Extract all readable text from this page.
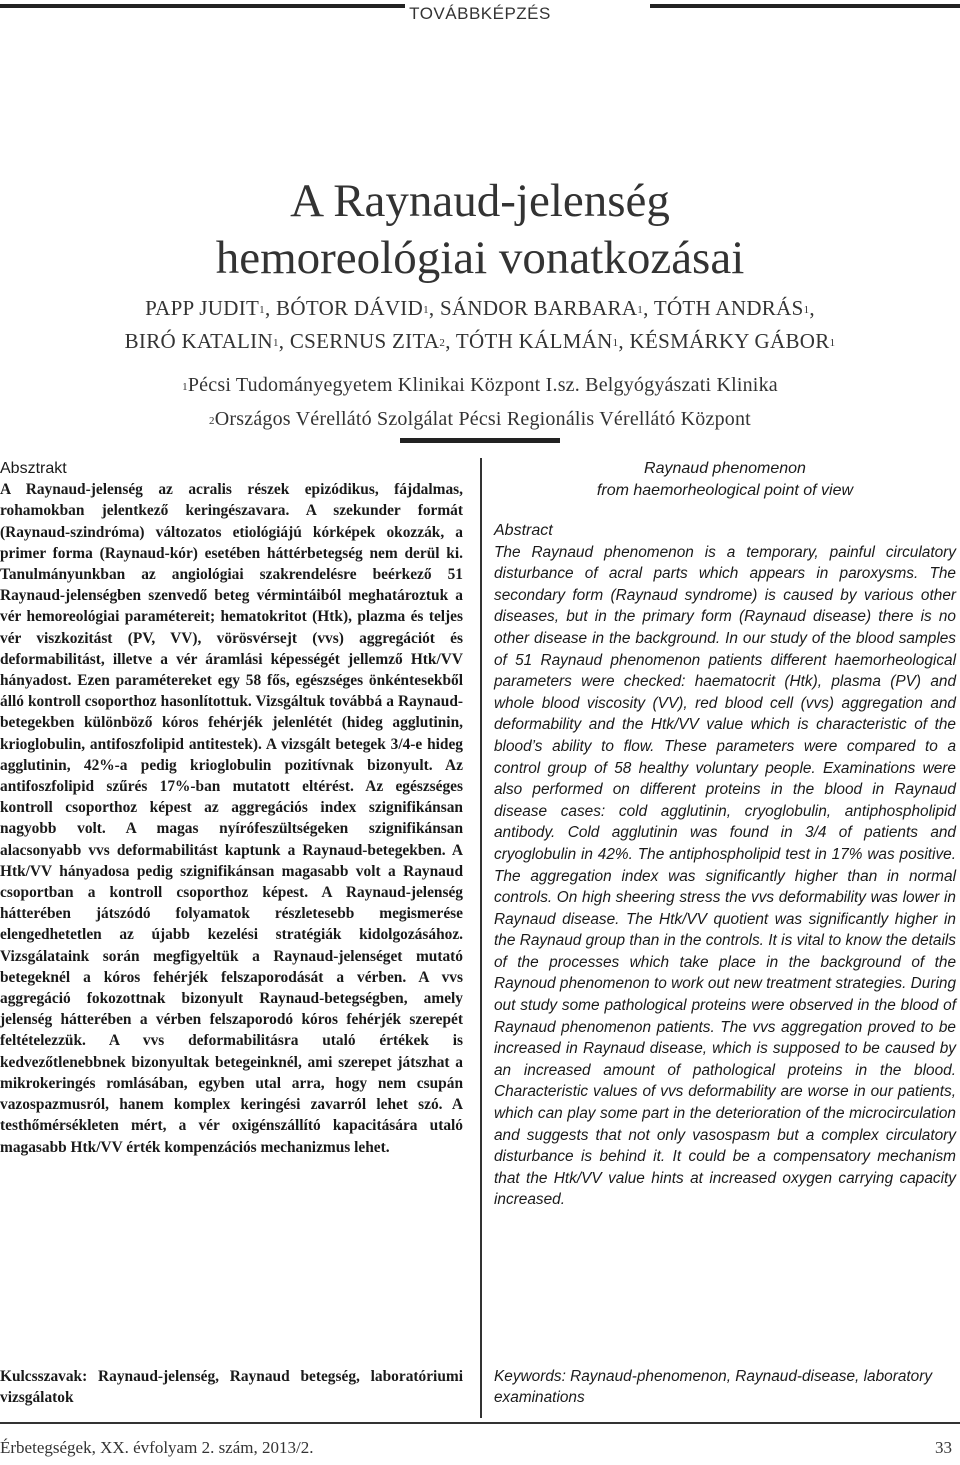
TOVÁBBKÉPZÉS
A Raynaud-jelenség
hemoreológiai vonatkozásai
PAPP JUDIT$^1$, BÓTOR DÁVID$^1$, SÁNDOR BARBARA$^1$, TÓTH ANDRÁS$^1$,
BIRÓ KATALIN$^1$, CSERNUS ZITA$^2$, TÓTH KÁLMÁN$^1$, KÉSMÁRKY GÁBOR$^1$
$^1$Pécsi Tudományegyetem Klinikai Központ I.sz. Belgyógyászati Klinika
$^2$Országos Vérellátó Szolgálat Pécsi Regionális Vérellátó Központ
Absztrakt

A Raynaud-jelenség az acralis részek epizódikus, fájdalmas, rohamokban jelentkező keringészavara. A szekunder formát (Raynaud-szindróma) változatos etiológiájú kórképek okozzák, a primer forma (Raynaud-kór) esetében háttérbetegség nem derül ki. Tanulmányunkban az angiológiai szakrendelésre beérkező 51 Raynaud-jelenségben szenvedő beteg vérmintáiból meghatároztuk a vér hemoreológiai paramétereit; hematokritot (Htk), plazma és teljes vér viszkozitást (PV, VV), vörösvérsejt (vvs) aggregációt és deformabilitást, illetve a vér áramlási képességét jellemző Htk/VV hányadost. Ezen paramétereket egy 58 fős, egészséges önkéntesekből álló kontroll csoporthoz hasonlítottuk. Vizsgáltuk továbbá a Raynaud-betegekben különböző kóros fehérjék jelenlétét (hideg agglutinin, krioglobulin, antifoszfolipid antitestek). A vizsgált betegek 3/4-e hideg agglutinin, 42%-a pedig krioglobulin pozitívnak bizonyult. Az antifoszfolipid szűrés 17%-ban mutatott eltérést. Az egészséges kontroll csoporthoz képest az aggregációs index szignifikánsan nagyobb volt. A magas nyírófeszültségeken szignifikánsan alacsonyabb vvs deformabilitást kaptunk a Raynaud-betegekben. A Htk/VV hányadosa pedig szignifikánsan magasabb volt a Raynaud csoportban a kontroll csoporthoz képest. A Raynaud-jelenség hátterében játszódó folyamatok részletesebb megismerése elengedhetetlen az újabb kezelési stratégiák kidolgozásához. Vizsgálataink során megfigyeltük a Raynaud-jelenséget mutató betegeknél a kóros fehérjék felszaporodását a vérben. A vvs aggregáció fokozottnak bizonyult Raynaud-betegségben, amely jelenség hátterében a vérben felszaporodó kóros fehérjék szerepét feltételezzük. A vvs deformabilitásra utaló értékek is kedvezőtlenebbnek bizonyultak betegeinknél, ami szerepet játszhat a mikrokeringés romlásában, egyben utal arra, hogy nem csupán vazospazmusról, hanem komplex keringési zavarról lehet szó. A testhőmérsékleten mért, a vér oxigénszállító kapacitására utaló magasabb Htk/VV érték kompenzációs mechanizmus lehet.

Raynaud phenomenon
from haemorheological point of view
Abstract

The Raynaud phenomenon is a temporary, painful circulatory disturbance of acral parts which appears in paroxysms. The secondary form (Raynaud syndrome) is caused by various other diseases, but in the primary form (Raynaud disease) there is no other disease in the background. In our study of the blood samples of 51 Raynaud phenomenon patients different haemorheological parameters were checked: haematocrit (Htk), plasma (PV) and whole blood viscosity (VV), red blood cell (vvs) aggregation and deformability and the Htk/VV value which is characteristic of the blood’s ability to flow. These parameters were compared to a control group of 58 healthy voluntary people. Examinations were also performed on different proteins in the blood in Raynaud disease cases: cold agglutinin, cryoglobulin, antiphospholipid antibody. Cold agglutinin was found in 3/4 of patients and cryoglobulin in 42%. The antiphospholipid test in 17% was positive. The aggregation index was significantly higher than in normal controls. On high sheering stress the vvs deformability was lower in Raynaud disease. The Htk/VV quotient was significantly higher in the Raynaud group than in the controls. It is vital to know the details of the processes which take place in the background of the Raynoud phenomenon to work out new treatment strategies. During out study some pathological proteins were observed in the blood of Raynaud phenomenon patients. The vvs aggregation proved to be increased in Raynaud disease, which is supposed to be caused by an increased amount of pathological proteins in the blood. Characteristic values of vvs deformability are worse in our patients, which can play some part in the deterioration of the microcirculation and suggests that not only vasospasm but a complex circulatory disturbance is behind it. It could be a compensatory mechanism that the Htk/VV value hints at increased oxygen carrying capacity increased.

Kulcsszavak: Raynaud-jelenség, Raynaud betegség, laboratóriumi vizsgálatok
Keywords: Raynaud-phenomenon, Raynaud-disease, laboratory examinations
Érbetegségek, XX. évfolyam 2. szám, 2013/2.	33
